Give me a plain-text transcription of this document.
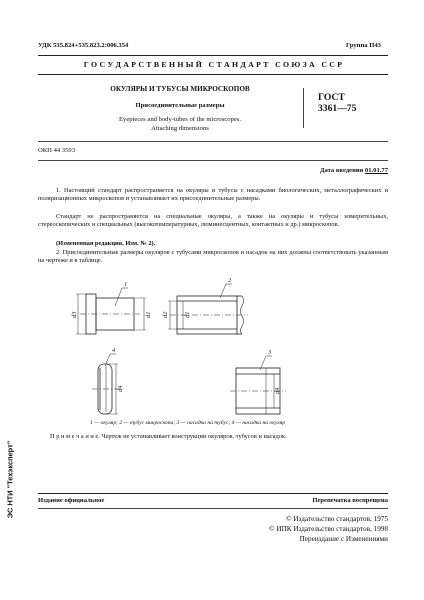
УДК 535.824+535.823.2:006.354	Группа П43
Г О С У Д А Р С Т В Е Н Н Ы Й   С Т А Н Д А Р Т   С О Ю З А   С С Р
ОКУЛЯРЫ И ТУБУСЫ МИКРОСКОПОВ
Присоединительные размеры
Eyepieces and body-tubes of the microscopes.
Attaching dimensions
ГОСТ
3361—75
ОКП 44 3593
Дата введения 01.01.77
1. Настоящий стандарт распространяется на окуляры и тубусы с насадками биологических, металлографических и поляризационных микроскопов и устанавливает их присоединительные размеры.
Стандарт не распространяется на специальные окуляры, а также на окуляры и тубусы измерительных, стереоскопических и специальных (высокотемпературных, люминесцентных, контактных и др.) микроскопов.
(Измененная редакция, Изм. № 2).
2. Присоединительные размеры окуляров с тубусами микроскопов и насадок на них должны соответствовать указанным на чертеже и в таблице.
1
2
3
4
d3	d1 d2 d1
d4	d4
1 — окуляр; 2 — тубус микроскопа; 3 — насадка на тубус; 4 — насадка на окуляр
П р и м е ч а н и е. Чертеж не устанавливает конструкции окуляров, тубусов и насадок.
Издание официальное	Перепечатка воспрещена
© Издательство стандартов, 1975
© ИПК Издательство стандартов, 1998
Переиздание с Изменениями
ЭС НТИ "Техэксперт"
